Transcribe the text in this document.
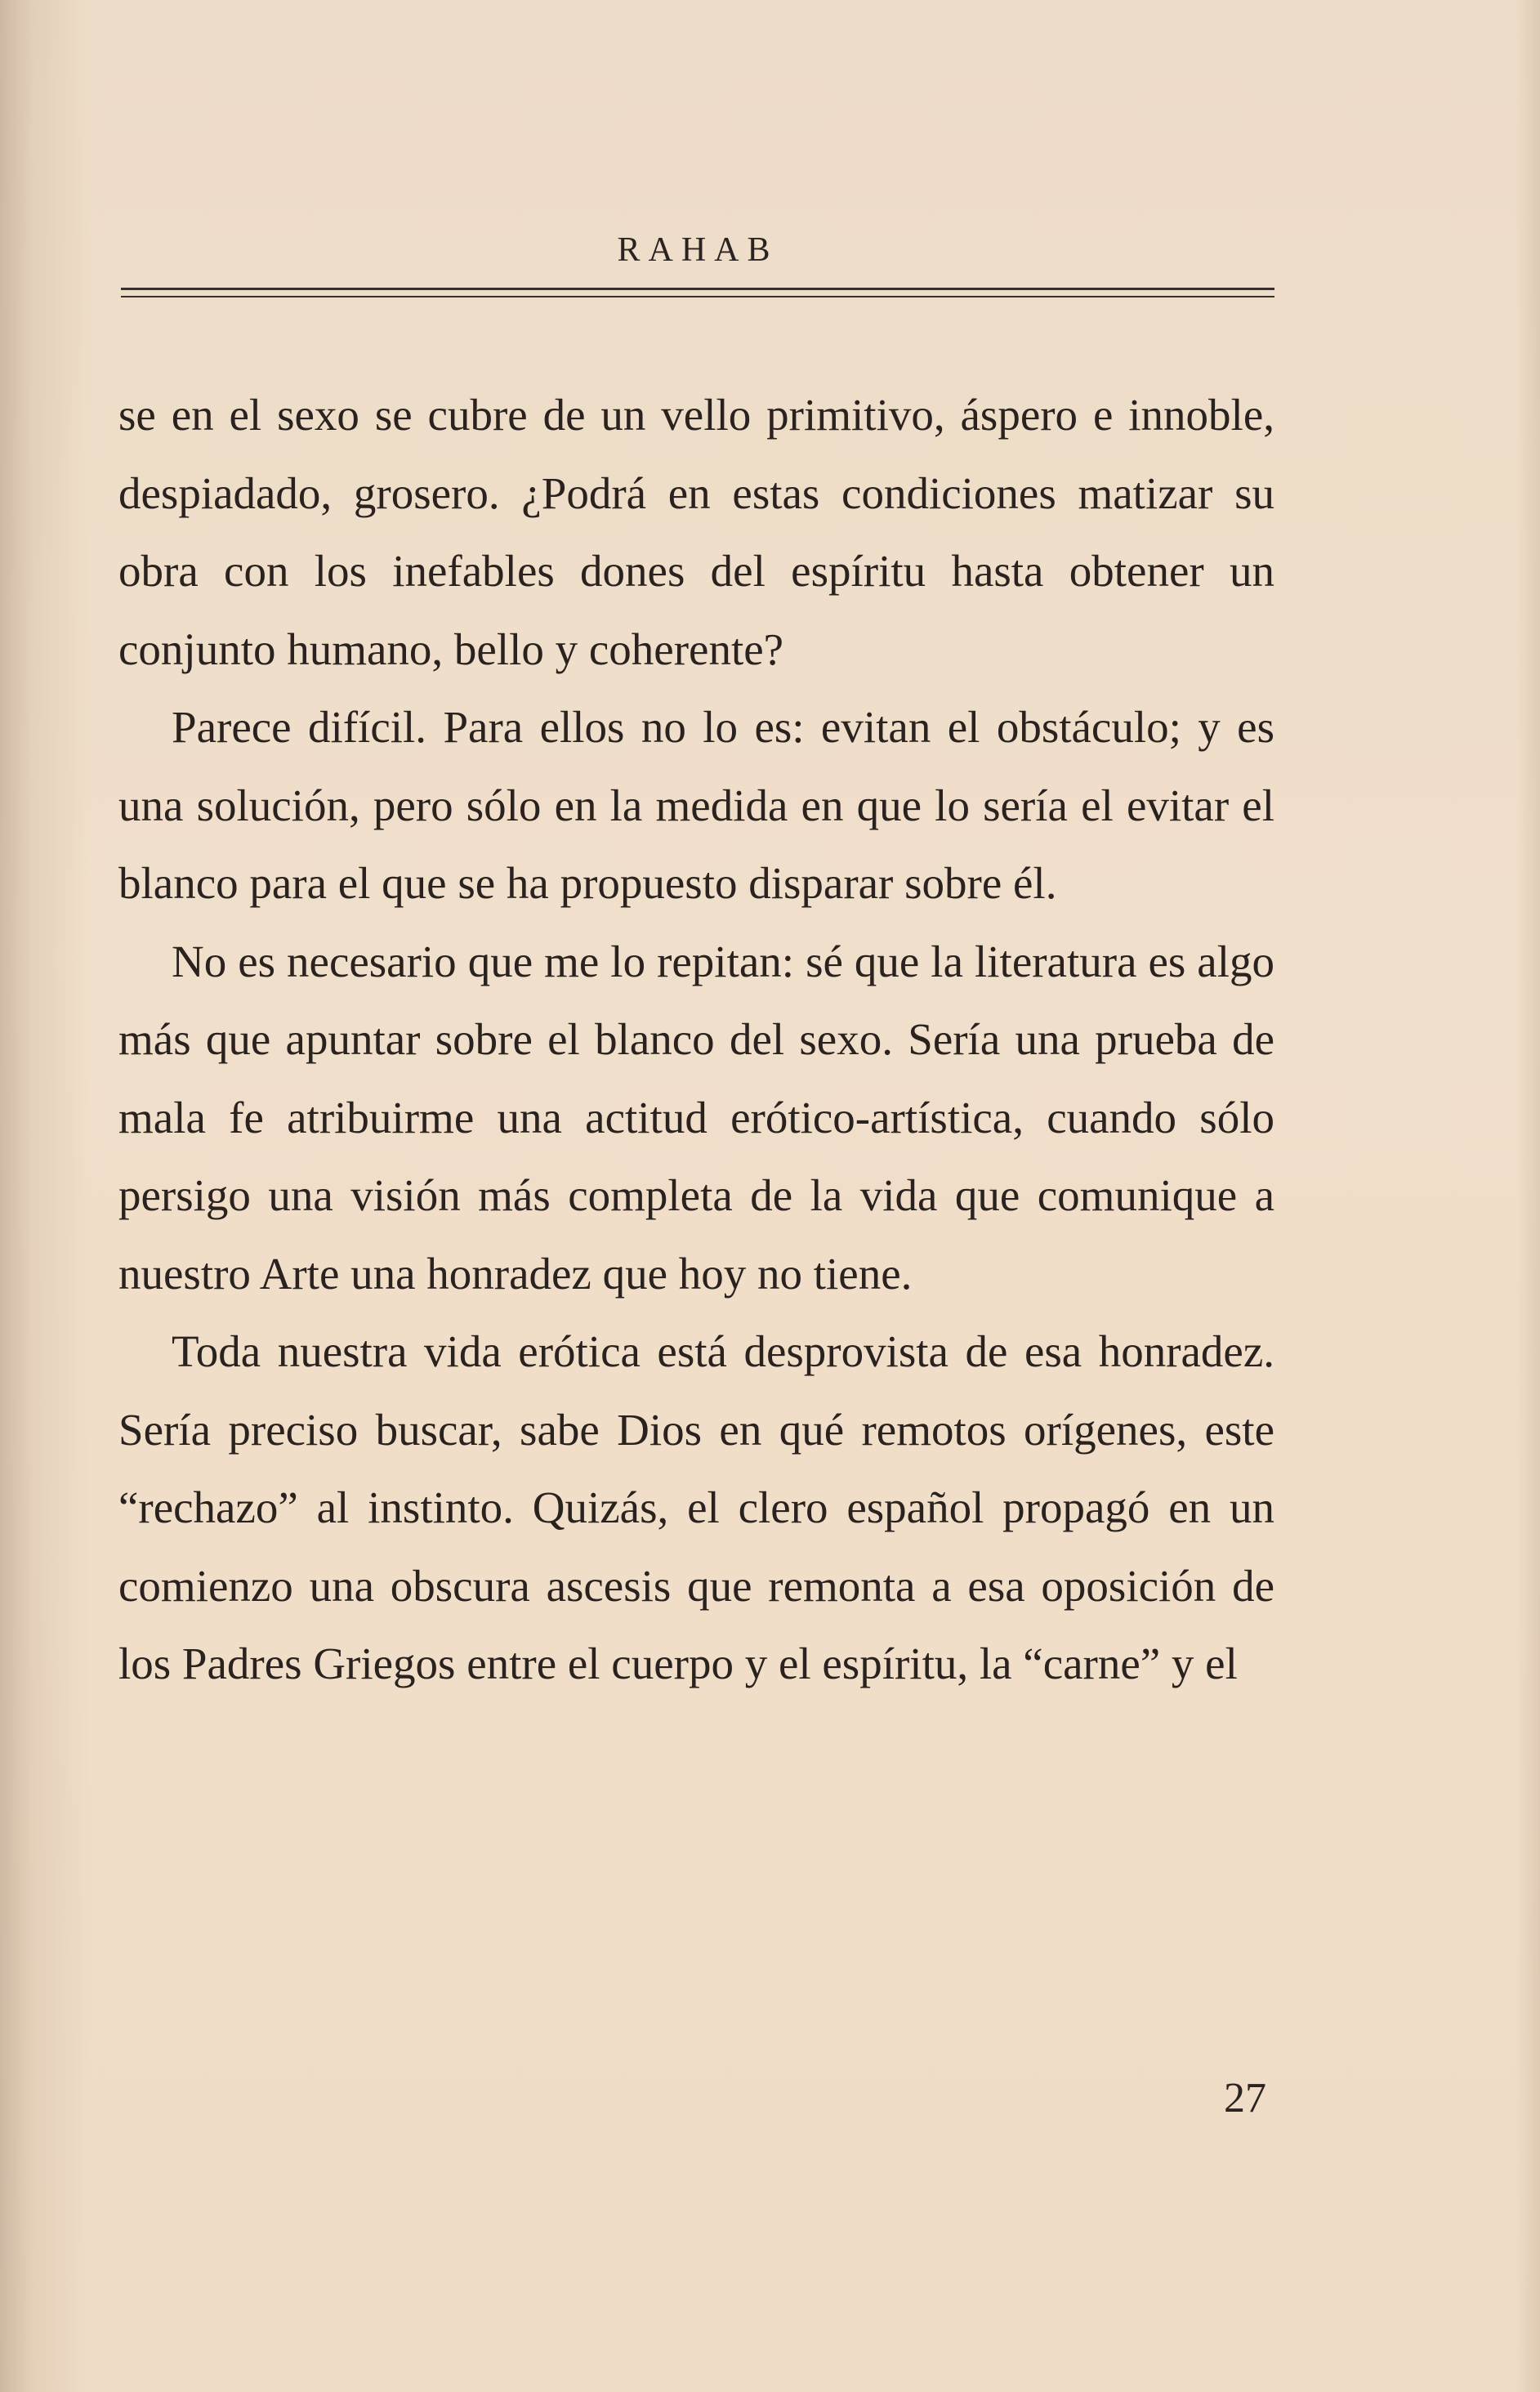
RAHAB

se en el sexo se cubre de un vello primitivo, áspero e innoble, despiadado, grosero. ¿Podrá en estas condiciones matizar su obra con los inefables dones del espíritu hasta obtener un conjunto humano, bello y coherente?

Parece difícil. Para ellos no lo es: evitan el obstáculo; y es una solución, pero sólo en la medida en que lo sería el evitar el blanco para el que se ha propuesto disparar sobre él.

No es necesario que me lo repitan: sé que la literatura es algo más que apuntar sobre el blanco del sexo. Sería una prueba de mala fe atribuirme una actitud erótico-artística, cuando sólo persigo una visión más completa de la vida que comunique a nuestro Arte una honradez que hoy no tiene.

Toda nuestra vida erótica está desprovista de esa honradez. Sería preciso buscar, sabe Dios en qué remotos orígenes, este “rechazo” al instinto. Quizás, el clero español propagó en un comienzo una obscura ascesis que remonta a esa oposición de los Padres Griegos entre el cuerpo y el espíritu, la “carne” y el

27
